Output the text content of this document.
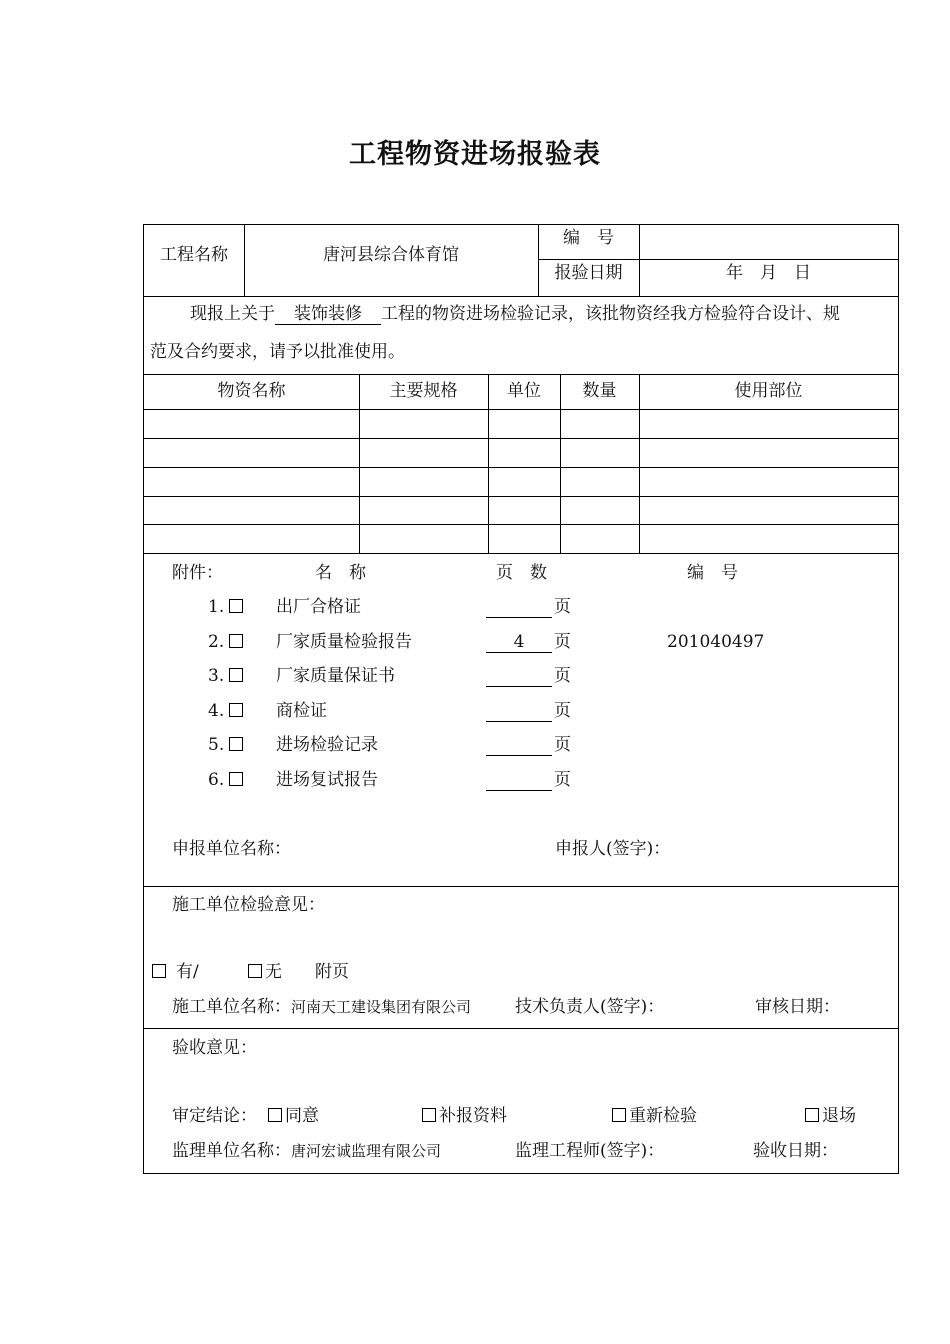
工程物资进场报验表
工程名称	唐河县综合体育馆
编　号
报验日期	年　月　日
现报上关于 装饰装修 工程的物资进场检验记录，该批物资经我方检验符合设计、规
范及合约要求，请予以批准使用。
物资名称	主要规格	单位	数量	使用部位
附件：	名　称	页　数	编　号
1.	出厂合格证	页
2.	厂家质量检验报告	4	页	201040497
3.	厂家质量保证书	页
4.	商检证	页
5.	进场检验记录	页
6.	进场复试报告	页
申报单位名称：	申报人(签字)：
施工单位检验意见：
有/	无 附页
施工单位名称：河南天工建设集团有限公司	技术负责人(签字)：	审核日期：
验收意见：
审定结论：	同意	补报资料	重新检验	退场
监理单位名称：唐河宏诚监理有限公司	监理工程师(签字)：	验收日期：
